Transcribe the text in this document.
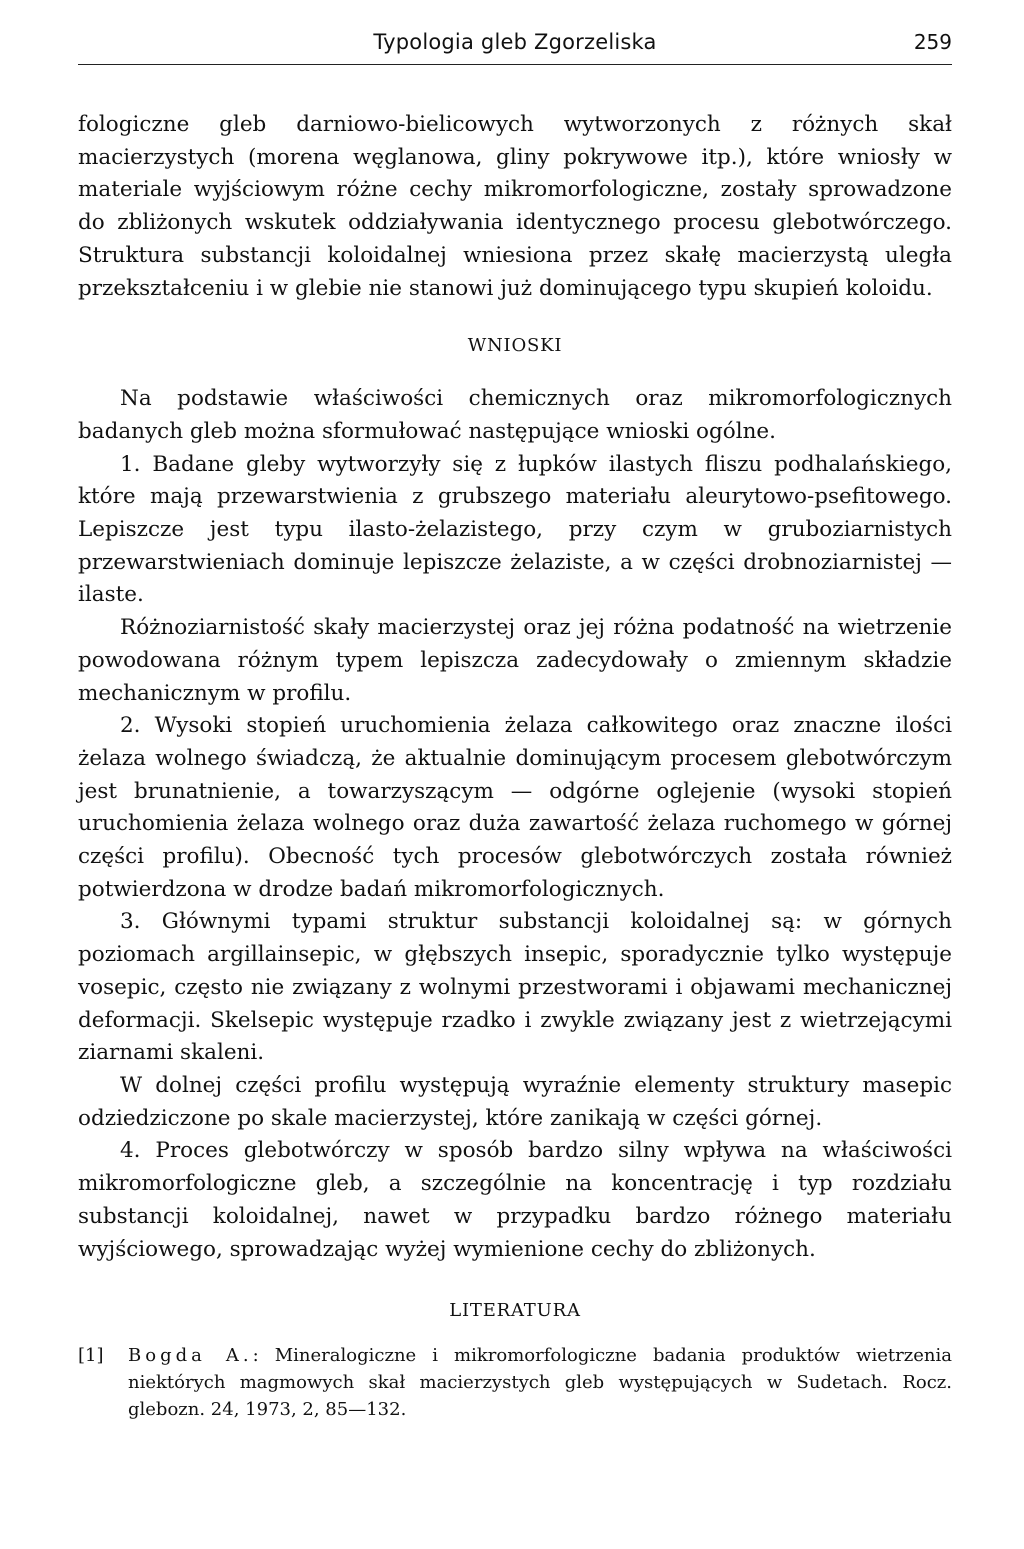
Typologia gleb Zgorzeliska	259

fologiczne gleb darniowo-bielicowych wytworzonych z różnych skał macierzystych (morena węglanowa, gliny pokrywowe itp.), które wniosły w materiale wyjściowym różne cechy mikromorfologiczne, zostały sprowadzone do zbliżonych wskutek oddziaływania identycznego procesu glebotwórczego. Struktura substancji koloidalnej wniesiona przez skałę macierzystą uległa przekształceniu i w glebie nie stanowi już dominującego typu skupień koloidu.

WNIOSKI

Na podstawie właściwości chemicznych oraz mikromorfologicznych badanych gleb można sformułować następujące wnioski ogólne.

1. Badane gleby wytworzyły się z łupków ilastych fliszu podhalańskiego, które mają przewarstwienia z grubszego materiału aleurytowo-psefitowego. Lepiszcze jest typu ilasto-żelazistego, przy czym w gruboziarnistych przewarstwieniach dominuje lepiszcze żelaziste, a w części drobnoziarnistej — ilaste.

Różnoziarnistość skały macierzystej oraz jej różna podatność na wietrzenie powodowana różnym typem lepiszcza zadecydowały o zmiennym składzie mechanicznym w profilu.

2. Wysoki stopień uruchomienia żelaza całkowitego oraz znaczne ilości żelaza wolnego świadczą, że aktualnie dominującym procesem glebotwórczym jest brunatnienie, a towarzyszącym — odgórne oglejenie (wysoki stopień uruchomienia żelaza wolnego oraz duża zawartość żelaza ruchomego w górnej części profilu). Obecność tych procesów glebotwórczych została również potwierdzona w drodze badań mikromorfologicznych.

3. Głównymi typami struktur substancji koloidalnej są: w górnych poziomach argillainsepic, w głębszych insepic, sporadycznie tylko występuje vosepic, często nie związany z wolnymi przestworami i objawami mechanicznej deformacji. Skelsepic występuje rzadko i zwykle związany jest z wietrzejącymi ziarnami skaleni.

W dolnej części profilu występują wyraźnie elementy struktury masepic odziedziczone po skale macierzystej, które zanikają w części górnej.

4. Proces glebotwórczy w sposób bardzo silny wpływa na właściwości mikromorfologiczne gleb, a szczególnie na koncentrację i typ rozdziału substancji koloidalnej, nawet w przypadku bardzo różnego materiału wyjściowego, sprowadzając wyżej wymienione cechy do zbliżonych.

LITERATURA
[1]	Bogda A.: Mineralogiczne i mikromorfologiczne badania produktów wietrzenia niektórych magmowych skał macierzystych gleb występujących w Sudetach. Rocz. glebozn. 24, 1973, 2, 85—132.
